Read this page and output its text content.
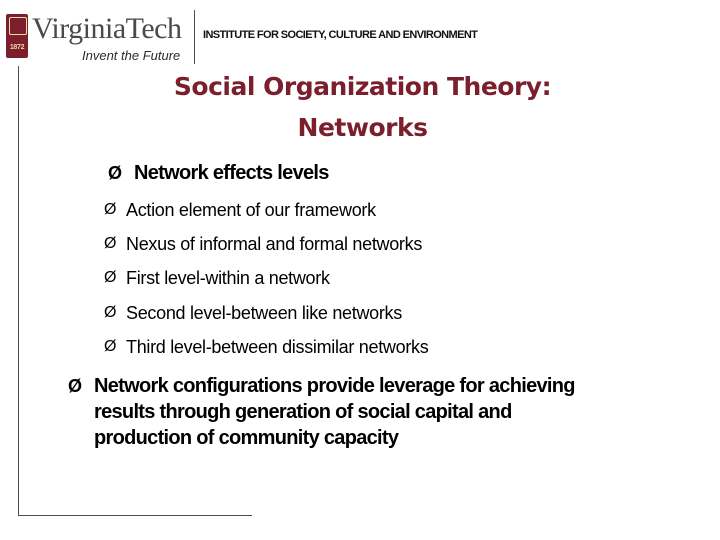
1872

VirginiaTech

Invent the Future

INSTITUTE FOR SOCIETY, CULTURE AND ENVIRONMENT

Social Organization Theory:
Networks
Ø Network effects levels
Ø Action element of our framework
Ø Nexus of informal and formal networks
Ø First level-within a network
Ø Second level-between like networks
Ø Third level-between dissimilar networks
Ø Network configurations provide leverage for achieving
results through generation of social capital and
production of community capacity
